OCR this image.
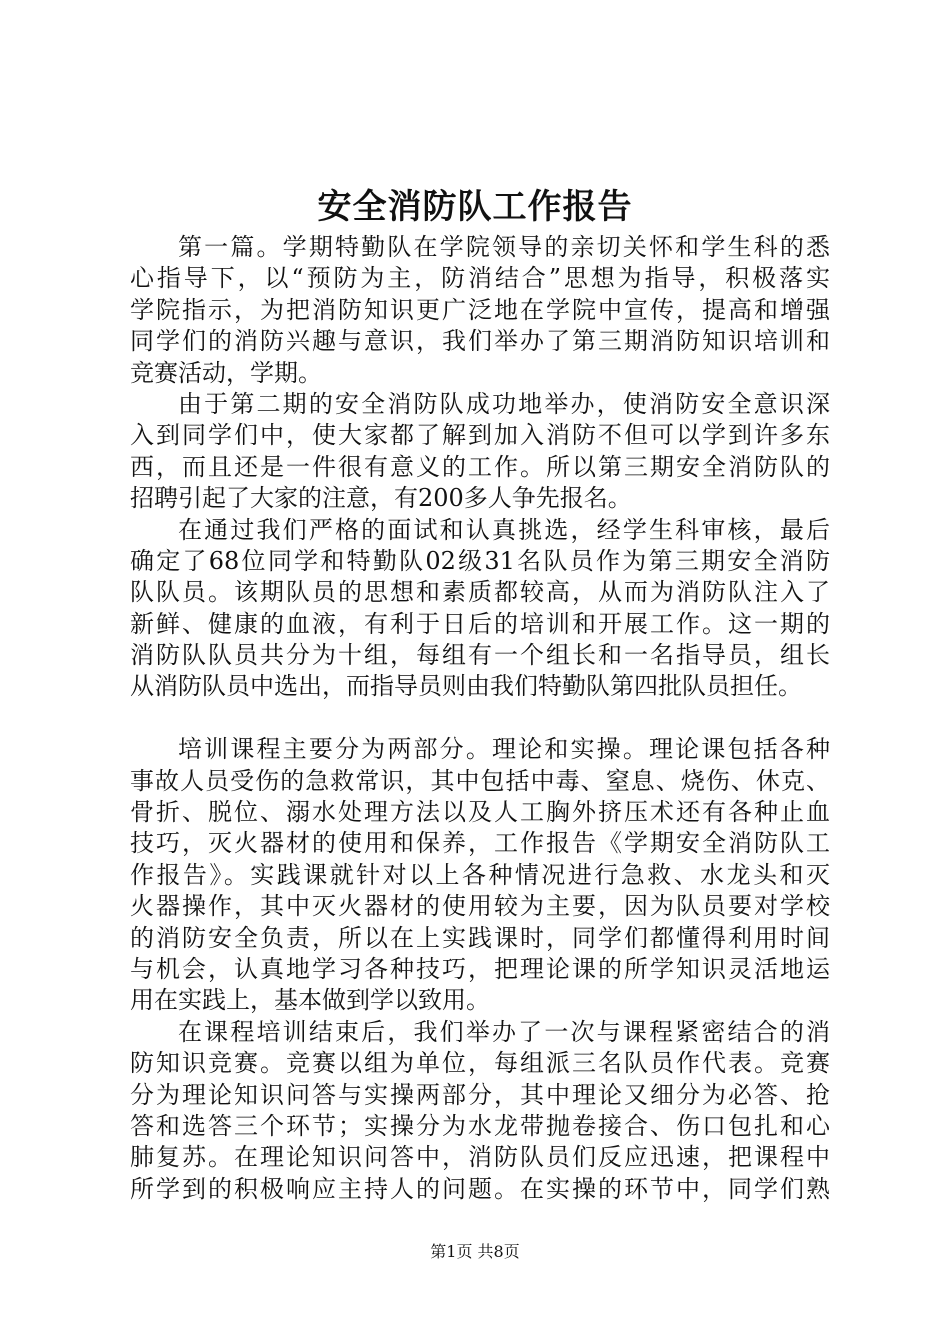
安全消防队工作报告
第一篇。学期特勤队在学院领导的亲切关怀和学生科的悉
心指导下，以“预防为主，防消结合”思想为指导，积极落实
学院指示，为把消防知识更广泛地在学院中宣传，提高和增强
同学们的消防兴趣与意识，我们举办了第三期消防知识培训和
竞赛活动，学期。
由于第二期的安全消防队成功地举办，使消防安全意识深
入到同学们中，使大家都了解到加入消防不但可以学到许多东
西，而且还是一件很有意义的工作。所以第三期安全消防队的
招聘引起了大家的注意，有200多人争先报名。
在通过我们严格的面试和认真挑选，经学生科审核，最后
确定了68位同学和特勤队02级31名队员作为第三期安全消防
队队员。该期队员的思想和素质都较高，从而为消防队注入了
新鲜、健康的血液，有利于日后的培训和开展工作。这一期的
消防队队员共分为十组，每组有一个组长和一名指导员，组长
从消防队员中选出，而指导员则由我们特勤队第四批队员担任。
培训课程主要分为两部分。理论和实操。理论课包括各种
事故人员受伤的急救常识，其中包括中毒、窒息、烧伤、休克、
骨折、脱位、溺水处理方法以及人工胸外挤压术还有各种止血
技巧，灭火器材的使用和保养，工作报告《学期安全消防队工
作报告》。实践课就针对以上各种情况进行急救、水龙头和灭
火器操作，其中灭火器材的使用较为主要，因为队员要对学校
的消防安全负责，所以在上实践课时，同学们都懂得利用时间
与机会，认真地学习各种技巧，把理论课的所学知识灵活地运
用在实践上，基本做到学以致用。
在课程培训结束后，我们举办了一次与课程紧密结合的消
防知识竞赛。竞赛以组为单位，每组派三名队员作代表。竞赛
分为理论知识问答与实操两部分，其中理论又细分为必答、抢
答和选答三个环节；实操分为水龙带抛卷接合、伤口包扎和心
肺复苏。在理论知识问答中，消防队员们反应迅速，把课程中
所学到的积极响应主持人的问题。在实操的环节中，同学们熟
第1页 共8页
